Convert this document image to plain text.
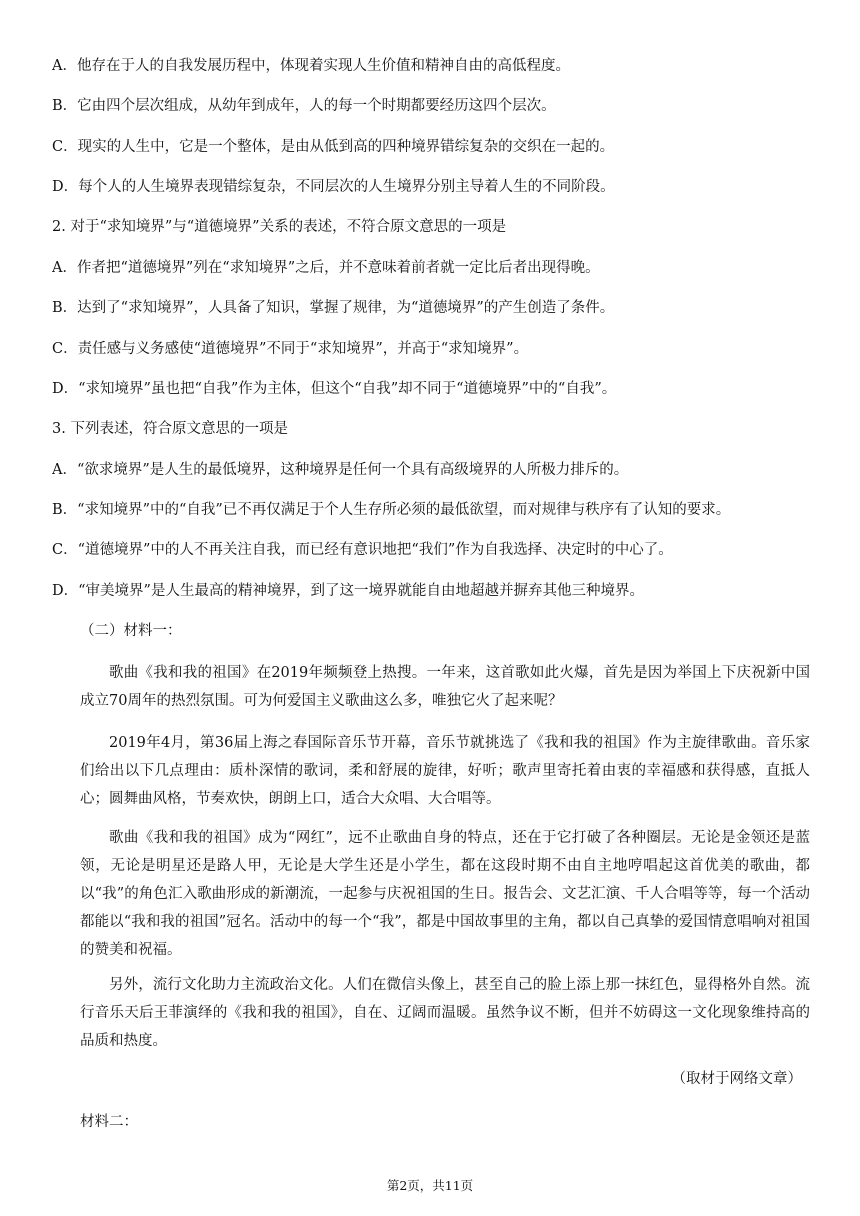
A．他存在于人的自我发展历程中，体现着实现人生价值和精神自由的高低程度。
B．它由四个层次组成，从幼年到成年，人的每一个时期都要经历这四个层次。
C．现实的人生中，它是一个整体，是由从低到高的四种境界错综复杂的交织在一起的。
D．每个人的人生境界表现错综复杂，不同层次的人生境界分别主导着人生的不同阶段。
2. 对于“求知境界”与“道德境界”关系的表述，不符合原文意思的一项是
A．作者把“道德境界”列在“求知境界”之后，并不意味着前者就一定比后者出现得晚。
B．达到了“求知境界”，人具备了知识，掌握了规律，为“道德境界”的产生创造了条件。
C．责任感与义务感使“道德境界”不同于“求知境界”，并高于“求知境界”。
D．“求知境界”虽也把“自我”作为主体，但这个“自我”却不同于“道德境界”中的“自我”。
3. 下列表述，符合原文意思的一项是
A．“欲求境界”是人生的最低境界，这种境界是任何一个具有高级境界的人所极力排斥的。
B．“求知境界”中的“自我”已不再仅满足于个人生存所必须的最低欲望，而对规律与秩序有了认知的要求。
C．“道德境界”中的人不再关注自我，而已经有意识地把“我们”作为自我选择、决定时的中心了。
D．“审美境界”是人生最高的精神境界，到了这一境界就能自由地超越并摒弃其他三种境界。
（二）材料一：
歌曲《我和我的祖国》在2019年频频登上热搜。一年来，这首歌如此火爆，首先是因为举国上下庆祝新中国成立70周年的热烈氛围。可为何爱国主义歌曲这么多，唯独它火了起来呢？
2019年4月，第36届上海之春国际音乐节开幕，音乐节就挑选了《我和我的祖国》作为主旋律歌曲。音乐家们给出以下几点理由：质朴深情的歌词，柔和舒展的旋律，好听；歌声里寄托着由衷的幸福感和获得感，直抵人心；圆舞曲风格，节奏欢快，朗朗上口，适合大众唱、大合唱等。
歌曲《我和我的祖国》成为“网红”，远不止歌曲自身的特点，还在于它打破了各种圈层。无论是金领还是蓝领，无论是明星还是路人甲，无论是大学生还是小学生，都在这段时期不由自主地哼唱起这首优美的歌曲，都以“我”的角色汇入歌曲形成的新潮流，一起参与庆祝祖国的生日。报告会、文艺汇演、千人合唱等等，每一个活动都能以“我和我的祖国”冠名。活动中的每一个“我”，都是中国故事里的主角，都以自己真挚的爱国情意唱响对祖国的赞美和祝福。
另外，流行文化助力主流政治文化。人们在微信头像上，甚至自己的脸上添上那一抹红色，显得格外自然。流行音乐天后王菲演绎的《我和我的祖国》，自在、辽阔而温暖。虽然争议不断，但并不妨碍这一文化现象维持高的品质和热度。
（取材于网络文章）
材料二：
第2页，共11页
